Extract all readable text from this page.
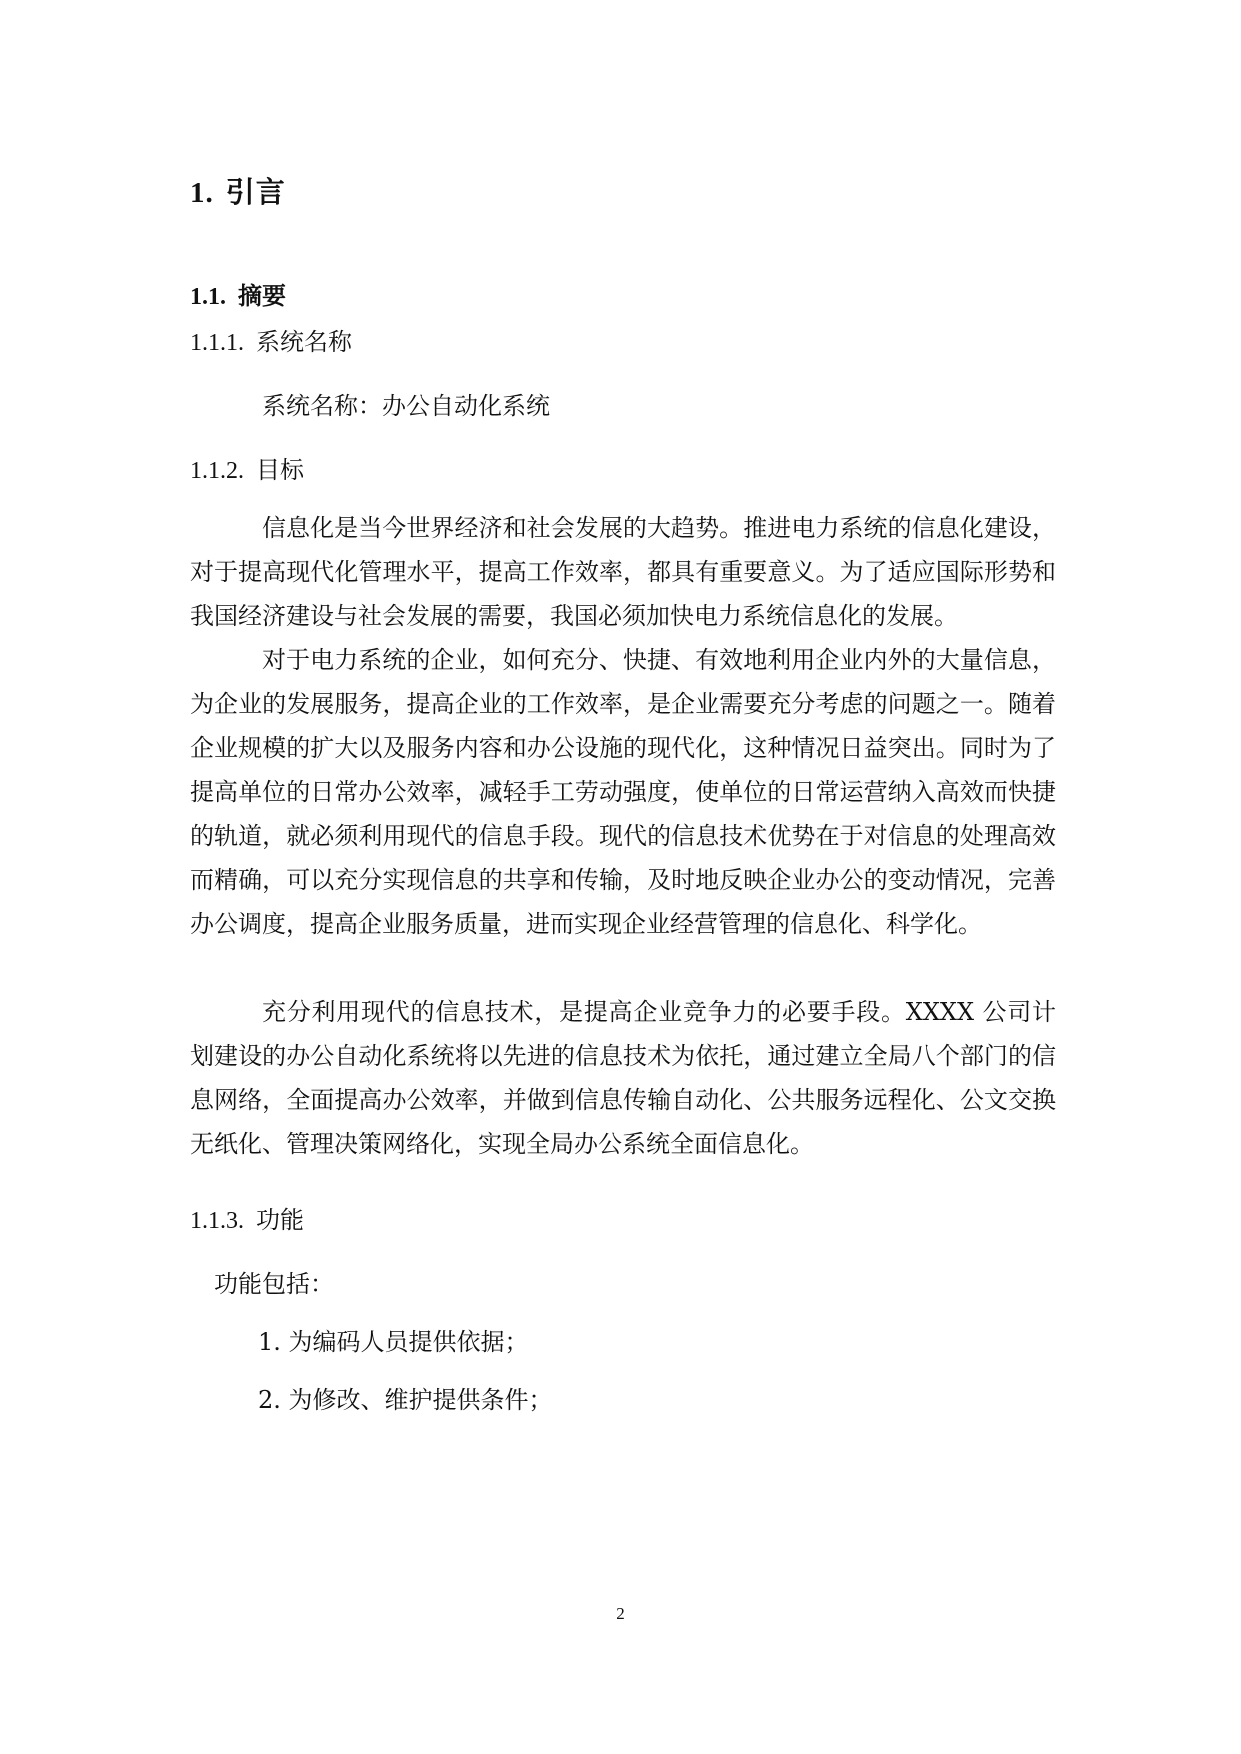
1. 引言
1.1. 摘要
1.1.1. 系统名称
系统名称：办公自动化系统
1.1.2. 目标

信息化是当今世界经济和社会发展的大趋势。推进电力系统的信息化建设，对于提高现代化管理水平，提高工作效率，都具有重要意义。为了适应国际形势和我国经济建设与社会发展的需要，我国必须加快电力系统信息化的发展。

对于电力系统的企业，如何充分、快捷、有效地利用企业内外的大量信息，为企业的发展服务，提高企业的工作效率，是企业需要充分考虑的问题之一。随着企业规模的扩大以及服务内容和办公设施的现代化，这种情况日益突出。同时为了提高单位的日常办公效率，减轻手工劳动强度，使单位的日常运营纳入高效而快捷的轨道，就必须利用现代的信息手段。现代的信息技术优势在于对信息的处理高效而精确，可以充分实现信息的共享和传输，及时地反映企业办公的变动情况，完善办公调度，提高企业服务质量，进而实现企业经营管理的信息化、科学化。

充分利用现代的信息技术，是提高企业竞争力的必要手段。XXXX 公司计划建设的办公自动化系统将以先进的信息技术为依托，通过建立全局八个部门的信息网络，全面提高办公效率，并做到信息传输自动化、公共服务远程化、公文交换无纸化、管理决策网络化，实现全局办公系统全面信息化。

1.1.3. 功能
功能包括：
1. 为编码人员提供依据；
2. 为修改、维护提供条件；
2
